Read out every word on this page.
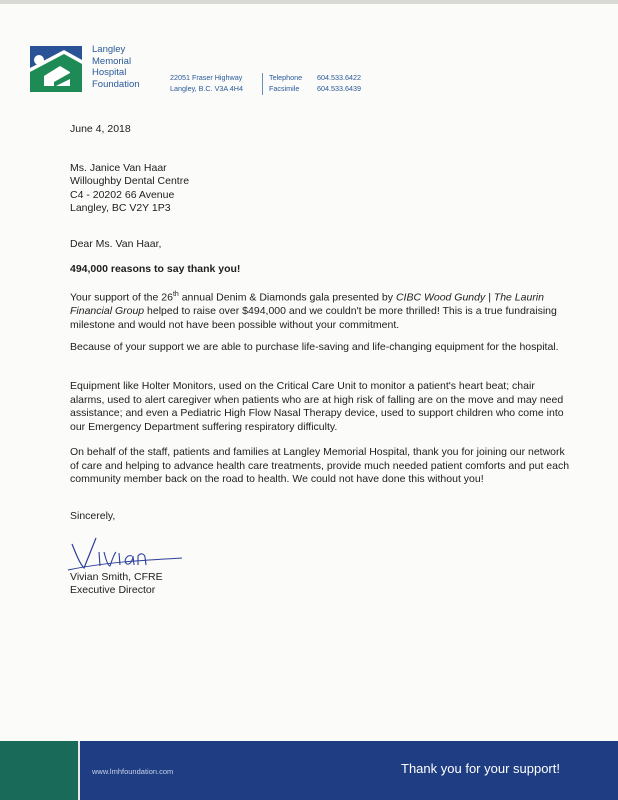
Langley
Memorial
Hospital
Foundation
22051 Fraser Highway
Langley, B.C. V3A 4H4
Telephone	604.533.6422
Facsimile	604.533.6439
June 4, 2018
Ms. Janice Van Haar
Willoughby Dental Centre
C4 - 20202 66 Avenue
Langley, BC V2Y 1P3
Dear Ms. Van Haar,
494,000 reasons to say thank you!
Your support of the 26th annual Denim & Diamonds gala presented by CIBC Wood Gundy | The Laurin Financial Group helped to raise over $494,000 and we couldn't be more thrilled! This is a true fundraising milestone and would not have been possible without your commitment.
Because of your support we are able to purchase life-saving and life-changing equipment for the hospital.
Equipment like Holter Monitors, used on the Critical Care Unit to monitor a patient's heart beat; chair alarms, used to alert caregiver when patients who are at high risk of falling are on the move and may need assistance; and even a Pediatric High Flow Nasal Therapy device, used to support children who come into our Emergency Department suffering respiratory difficulty.
On behalf of the staff, patients and families at Langley Memorial Hospital, thank you for joining our network of care and helping to advance health care treatments, provide much needed patient comforts and put each community member back on the road to health. We could not have done this without you!
Sincerely,
Vivian Smith, CFRE
Executive Director
www.lmhfoundation.com	Thank you for your support!
